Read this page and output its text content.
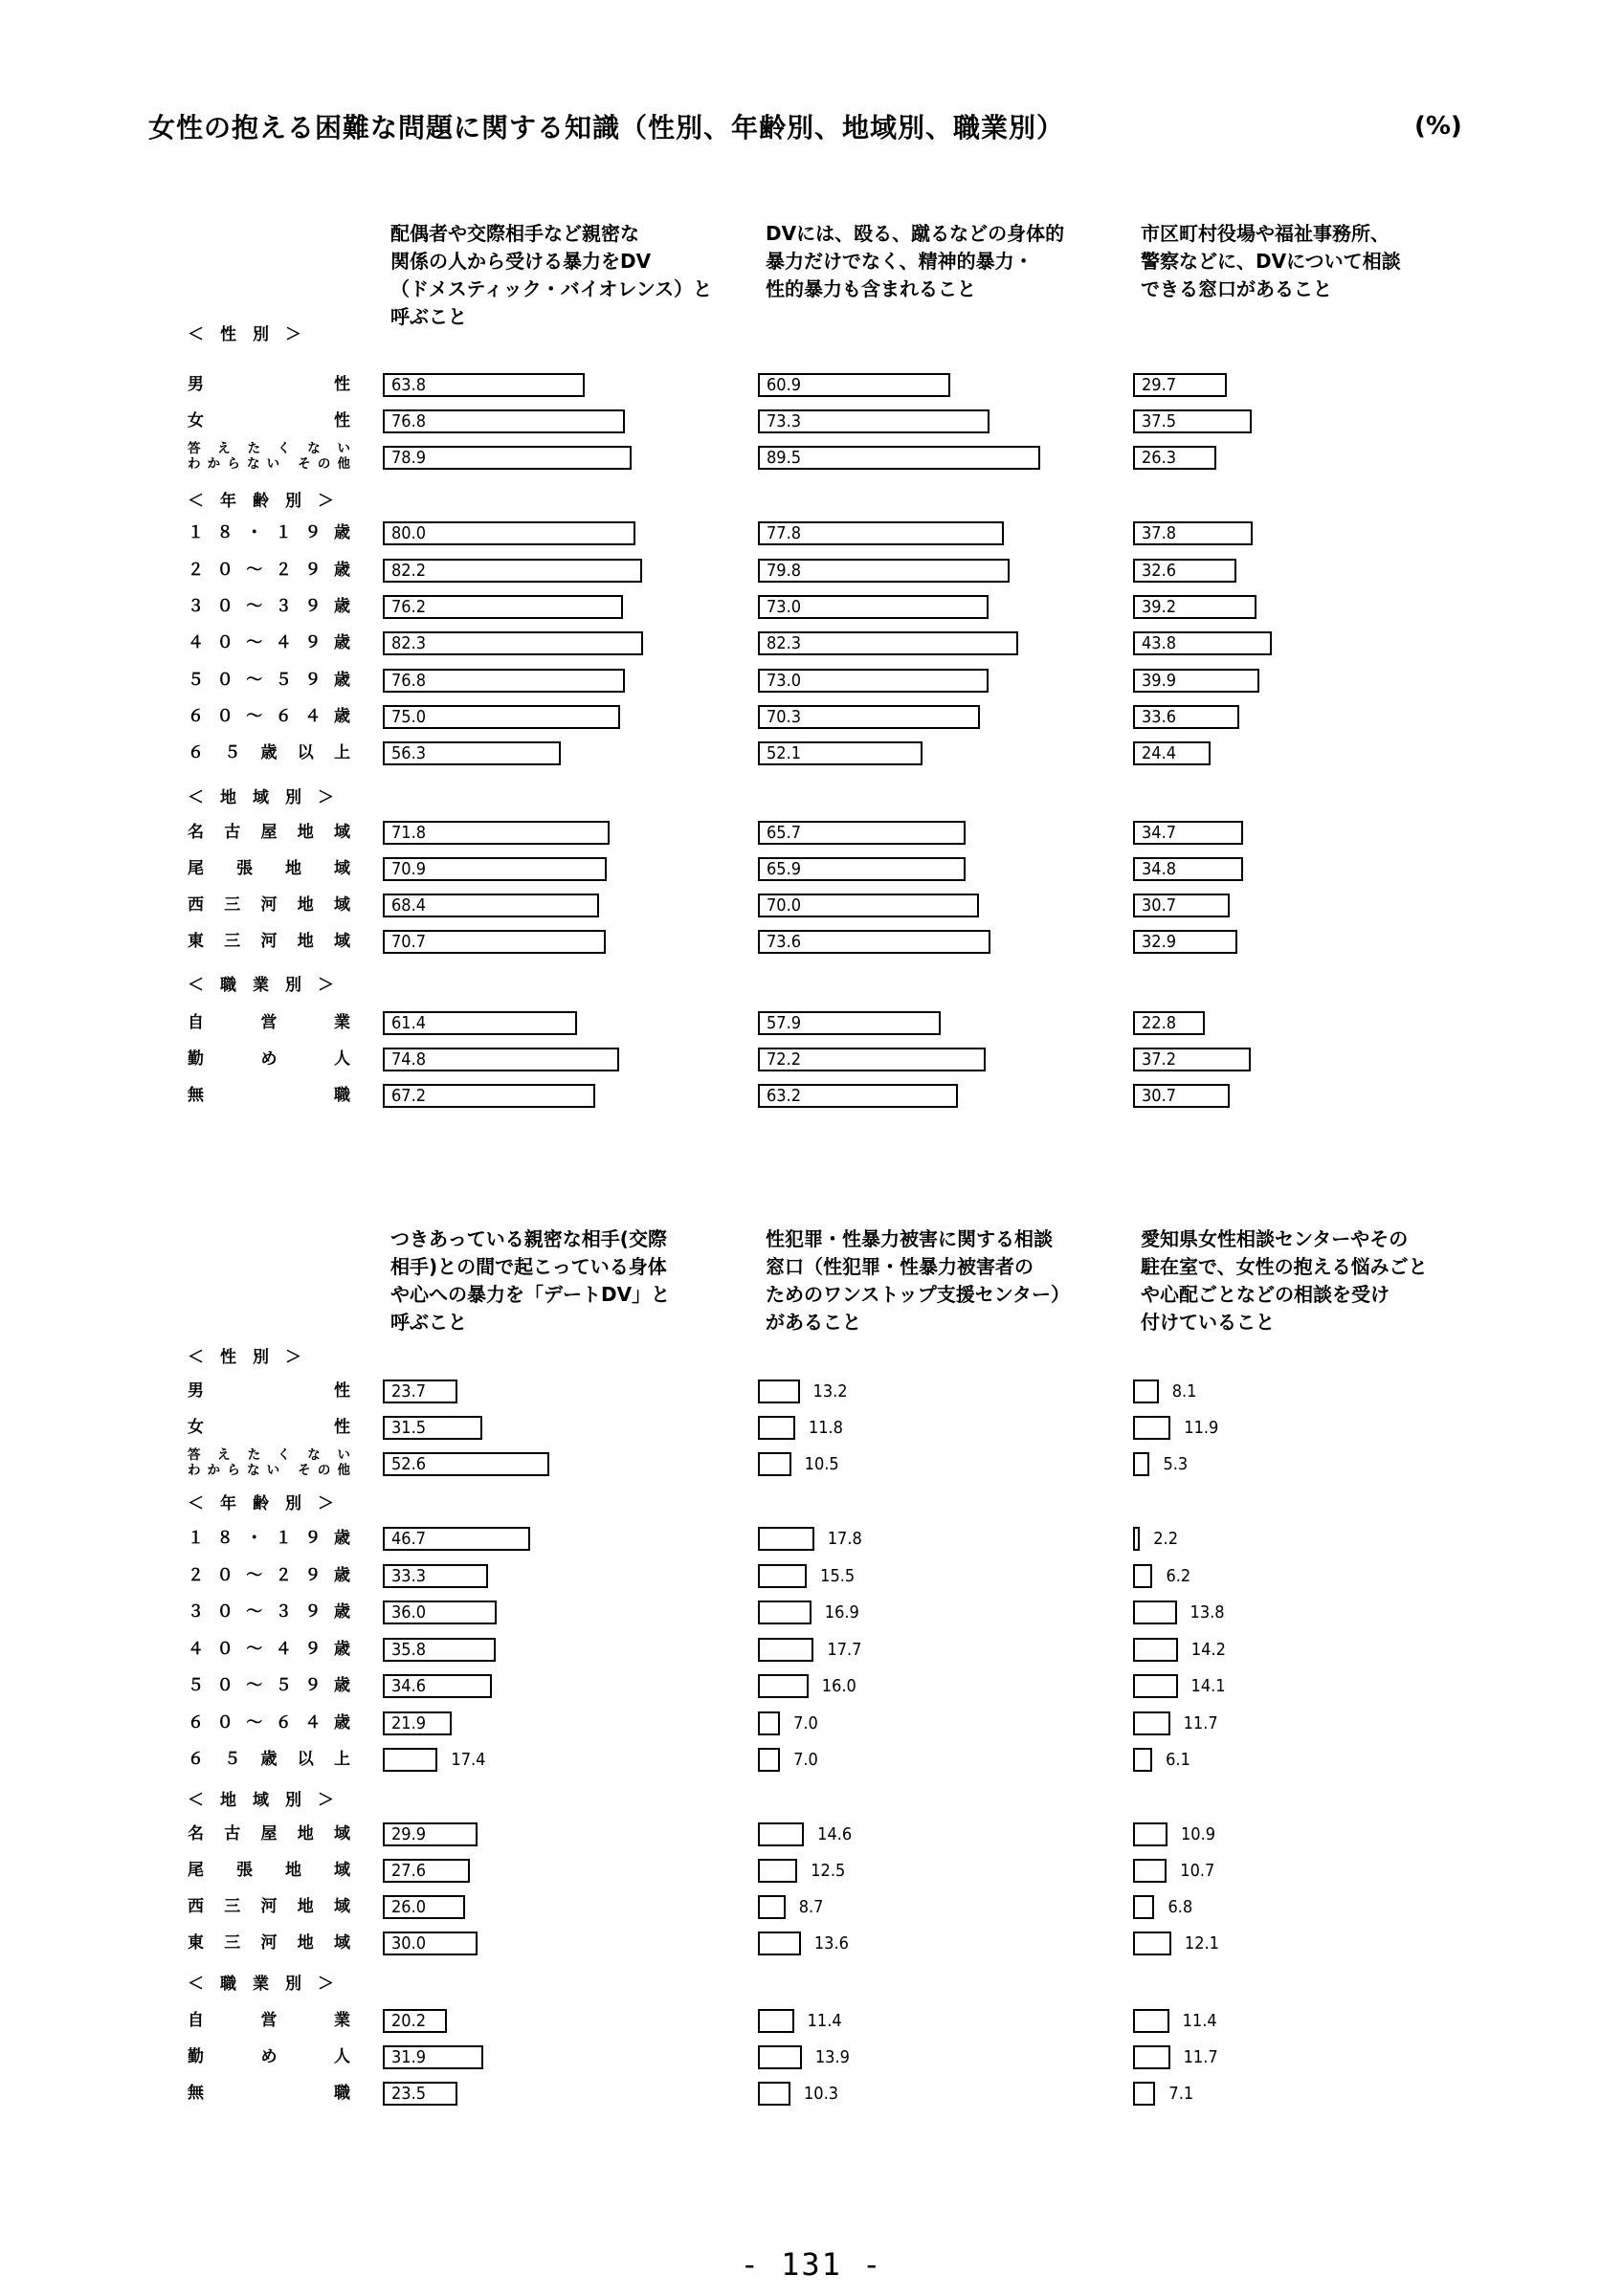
女性の抱える困難な問題に関する知識（性別、年齢別、地域別、職業別）	(%)
＜　性　別　＞
男　　　　　性
女　　　　　性
答えたくない
わからない その他
＜　年　齢　別　＞
１８・１９歳
２０～２９歳
３０～３９歳
４０～４９歳
５０～５９歳
６０～６４歳
６５歳以上
＜　地　域　別　＞
名古屋地域
尾　張　地　域
西三河地域
東三河地域
＜　職　業　別　＞
自　　営　　業
勤　　め　　人
無　　　　　職
配偶者や交際相手など親密な
関係の人から受ける暴力をDV
（ドメスティック・バイオレンス）と
呼ぶこと
63.8
76.8
78.9
80.0
82.2
76.2
82.3
76.8
75.0
56.3
71.8
70.9
68.4
70.7
61.4
74.8
67.2
DVには、殴る、蹴るなどの身体的
暴力だけでなく、精神的暴力・
性的暴力も含まれること
60.9
73.3
89.5
77.8
79.8
73.0
82.3
73.0
70.3
52.1
65.7
65.9
70.0
73.6
57.9
72.2
63.2
市区町村役場や福祉事務所、
警察などに、DVについて相談
できる窓口があること
29.7
37.5
26.3
37.8
32.6
39.2
43.8
39.9
33.6
24.4
34.7
34.8
30.7
32.9
22.8
37.2
30.7
＜　性　別　＞
男　　　　　性
女　　　　　性
答えたくない
わからない その他
＜　年　齢　別　＞
１８・１９歳
２０～２９歳
３０～３９歳
４０～４９歳
５０～５９歳
６０～６４歳
６５歳以上
＜　地　域　別　＞
名古屋地域
尾　張　地　域
西三河地域
東三河地域
＜　職　業　別　＞
自　　営　　業
勤　　め　　人
無　　　　　職
つきあっている親密な相手(交際
相手)との間で起こっている身体
や心への暴力を「デートDV」と
呼ぶこと
23.7
31.5
52.6
46.7
33.3
36.0
35.8
34.6
21.9
17.4
29.9
27.6
26.0
30.0
20.2
31.9
23.5
性犯罪・性暴力被害に関する相談
窓口（性犯罪・性暴力被害者の
ためのワンストップ支援センター）
があること
13.2
11.8
10.5
17.8
15.5
16.9
17.7
16.0
7.0
7.0
14.6
12.5
8.7
13.6
11.4
13.9
10.3
愛知県女性相談センターやその
駐在室で、女性の抱える悩みごと
や心配ごとなどの相談を受け
付けていること
8.1
11.9
5.3
2.2
6.2
13.8
14.2
14.1
11.7
6.1
10.9
10.7
6.8
12.1
11.4
11.7
7.1
- 131 -
